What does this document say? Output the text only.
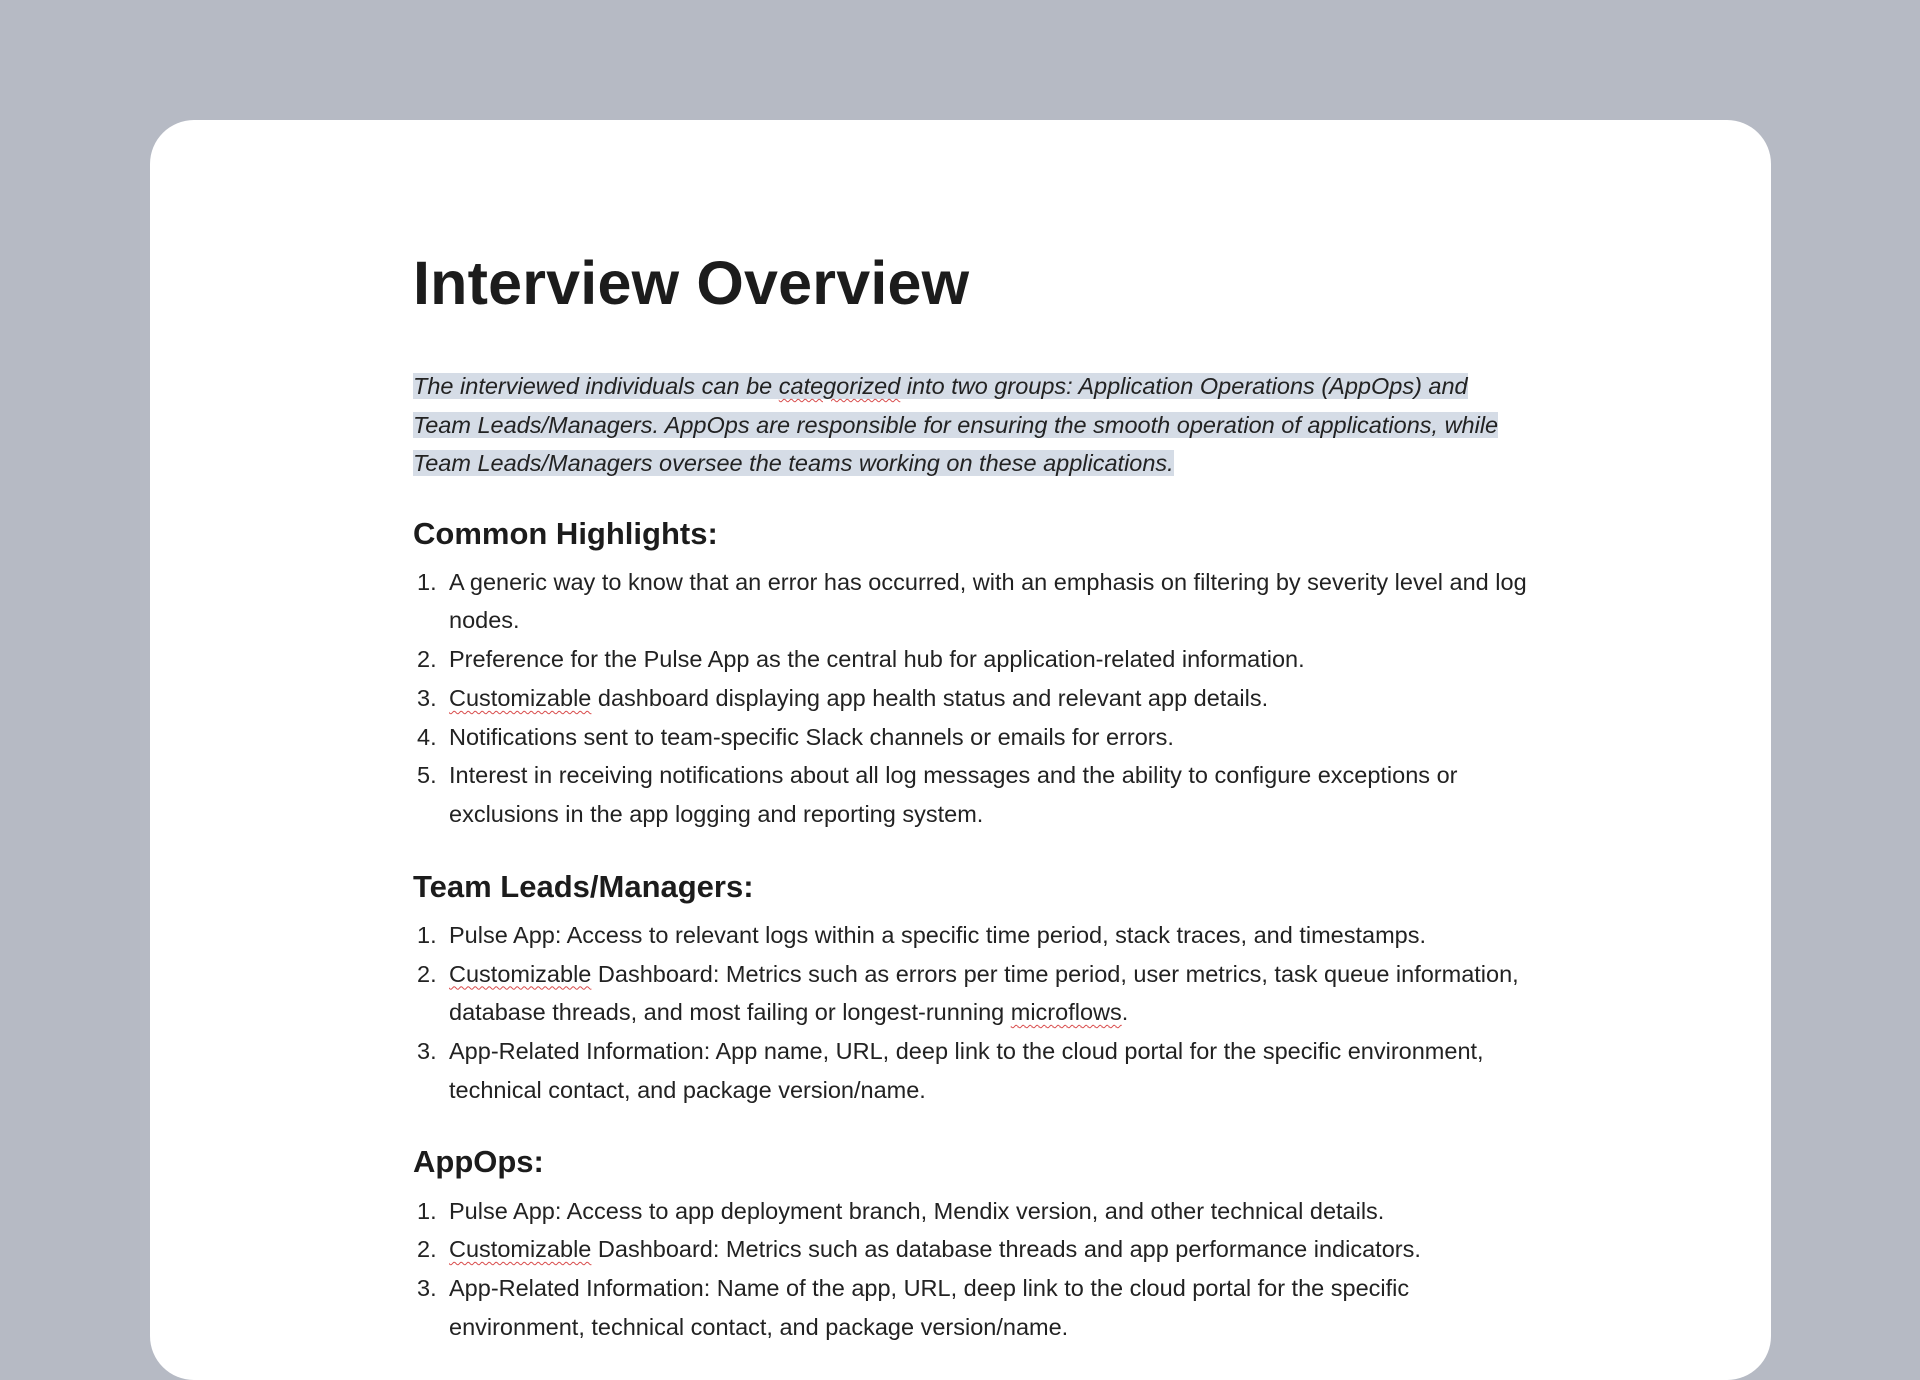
Interview Overview

The interviewed individuals can be categorized into two groups: Application Operations (AppOps) and Team Leads/Managers. AppOps are responsible for ensuring the smooth operation of applications, while Team Leads/Managers oversee the teams working on these applications.

Common Highlights:
1. A generic way to know that an error has occurred, with an emphasis on filtering by severity level and log nodes.
2. Preference for the Pulse App as the central hub for application-related information.
3. Customizable dashboard displaying app health status and relevant app details.
4. Notifications sent to team-specific Slack channels or emails for errors.
5. Interest in receiving notifications about all log messages and the ability to configure exceptions or exclusions in the app logging and reporting system.
Team Leads/Managers:
1. Pulse App: Access to relevant logs within a specific time period, stack traces, and timestamps.
2. Customizable Dashboard: Metrics such as errors per time period, user metrics, task queue information, database threads, and most failing or longest-running microflows.
3. App-Related Information: App name, URL, deep link to the cloud portal for the specific environment, technical contact, and package version/name.
AppOps:
1. Pulse App: Access to app deployment branch, Mendix version, and other technical details.
2. Customizable Dashboard: Metrics such as database threads and app performance indicators.
3. App-Related Information: Name of the app, URL, deep link to the cloud portal for the specific environment, technical contact, and package version/name.
